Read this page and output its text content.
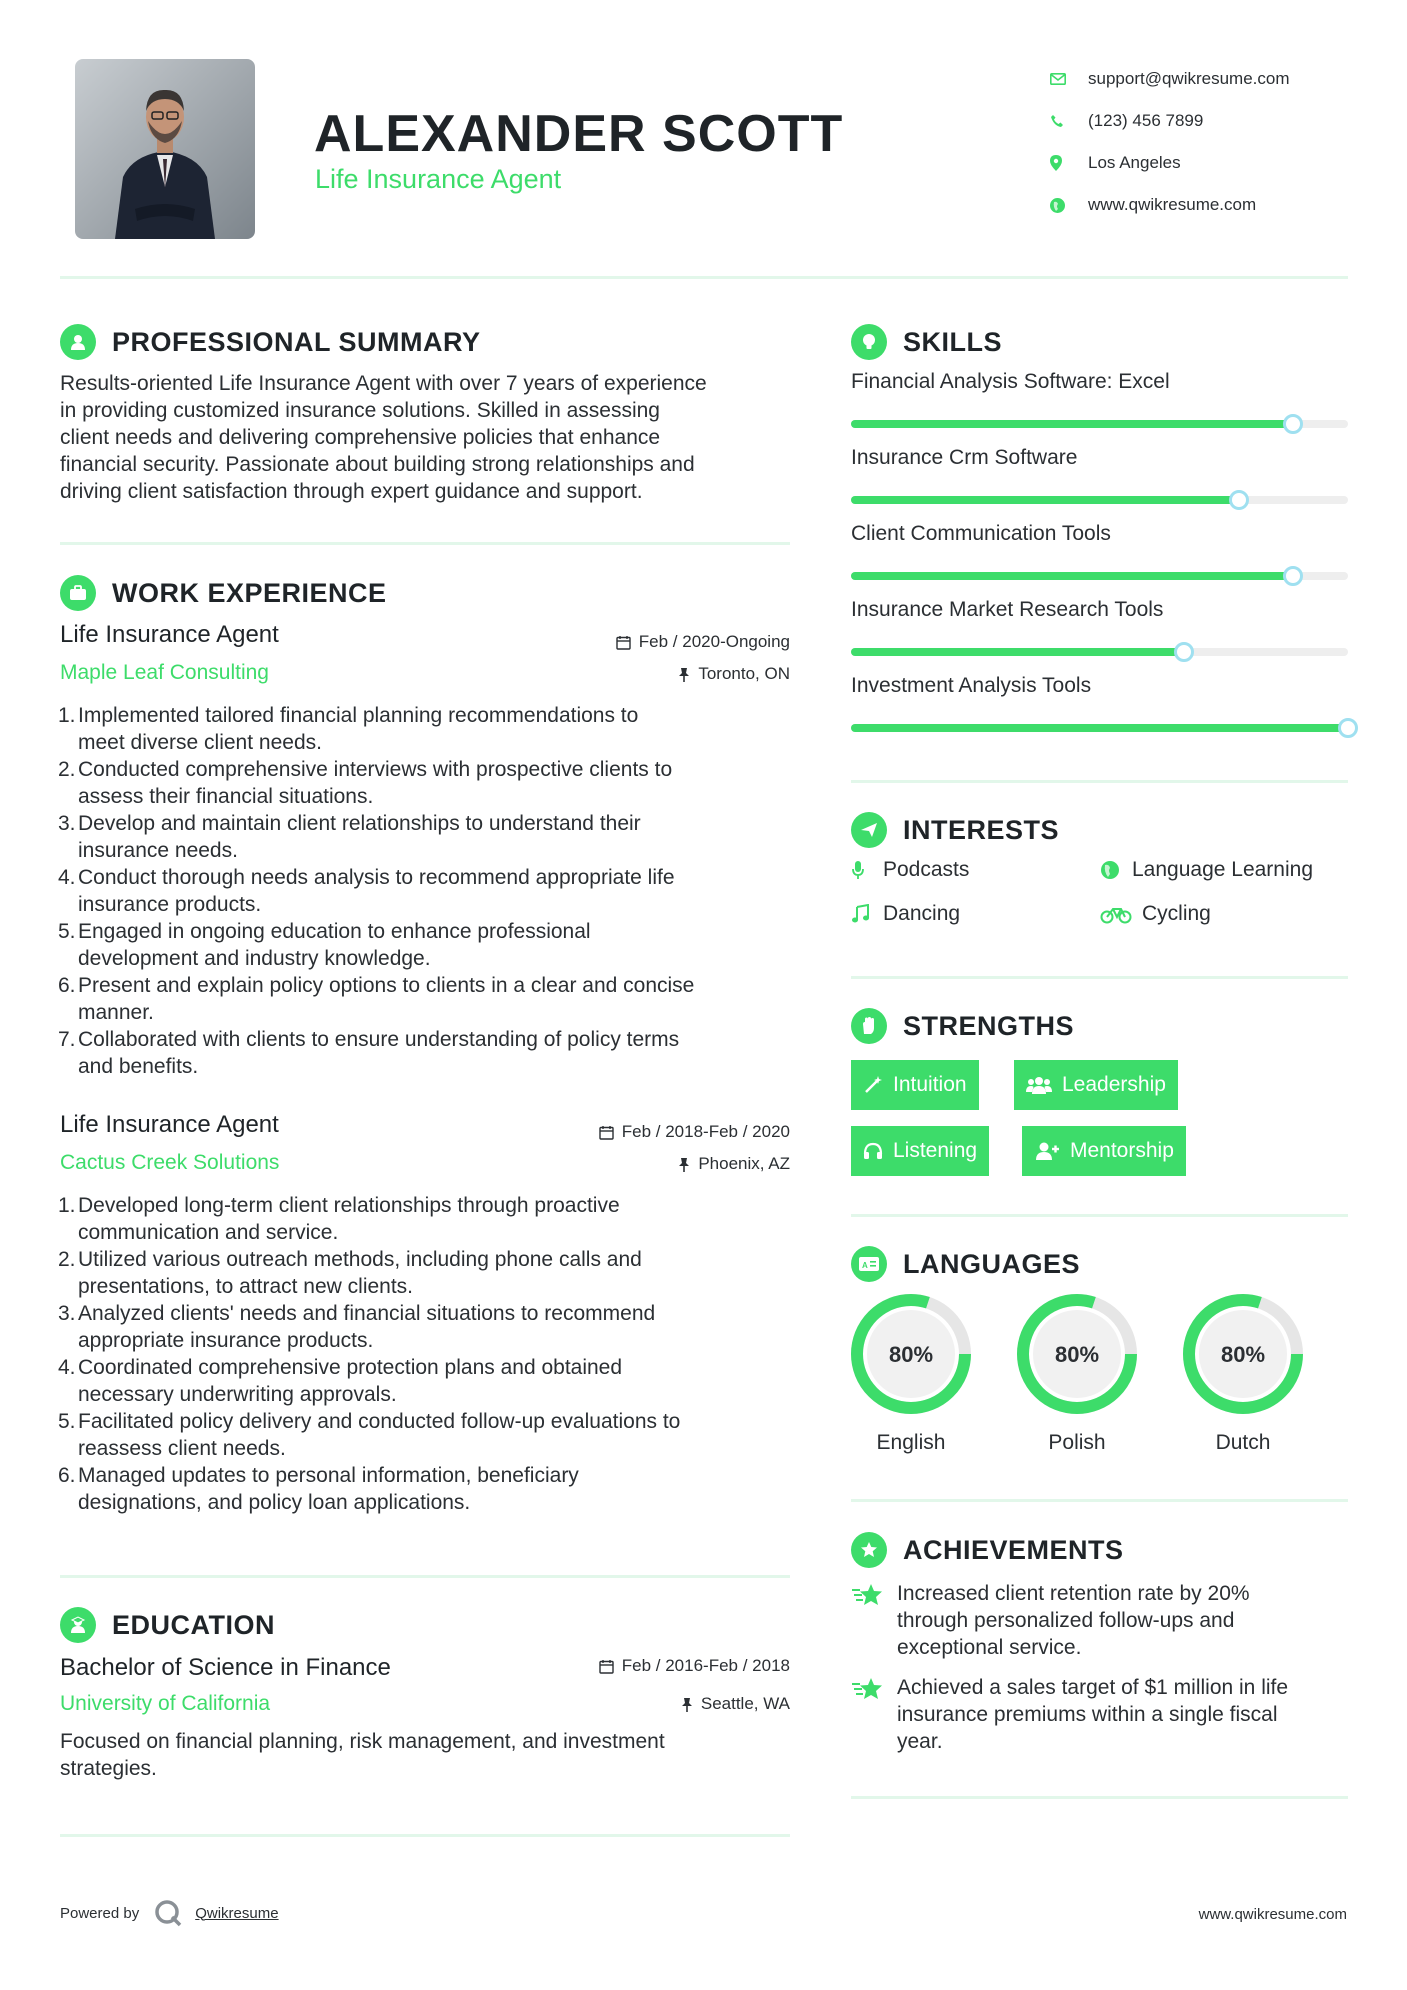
ALEXANDER SCOTT
Life Insurance Agent
support@qwikresume.com
(123) 456 7899
Los Angeles
www.qwikresume.com
PROFESSIONAL SUMMARY
Results-oriented Life Insurance Agent with over 7 years of experience
in providing customized insurance solutions. Skilled in assessing
client needs and delivering comprehensive policies that enhance
financial security. Passionate about building strong relationships and
driving client satisfaction through expert guidance and support.
WORK EXPERIENCE
Life Insurance Agent	Feb / 2020-Ongoing
Maple Leaf Consulting	Toronto, ON
1. Implemented tailored financial planning recommendations to
meet diverse client needs.
2. Conducted comprehensive interviews with prospective clients to
assess their financial situations.
3. Develop and maintain client relationships to understand their
insurance needs.
4. Conduct thorough needs analysis to recommend appropriate life
insurance products.
5. Engaged in ongoing education to enhance professional
development and industry knowledge.
6. Present and explain policy options to clients in a clear and concise
manner.
7. Collaborated with clients to ensure understanding of policy terms
and benefits.
Life Insurance Agent	Feb / 2018-Feb / 2020
Cactus Creek Solutions	Phoenix, AZ
1. Developed long-term client relationships through proactive
communication and service.
2. Utilized various outreach methods, including phone calls and
presentations, to attract new clients.
3. Analyzed clients' needs and financial situations to recommend
appropriate insurance products.
4. Coordinated comprehensive protection plans and obtained
necessary underwriting approvals.
5. Facilitated policy delivery and conducted follow-up evaluations to
reassess client needs.
6. Managed updates to personal information, beneficiary
designations, and policy loan applications.
EDUCATION
Bachelor of Science in Finance	Feb / 2016-Feb / 2018
University of California	Seattle, WA
Focused on financial planning, risk management, and investment
strategies.
SKILLS
Financial Analysis Software: Excel
Insurance Crm Software
Client Communication Tools
Insurance Market Research Tools
Investment Analysis Tools
INTERESTS
Podcasts	Language Learning
Dancing	Cycling
STRENGTHS
Intuition	Leadership
Listening	Mentorship
A LANGUAGES
80%
English
80%
Polish
80%
Dutch
ACHIEVEMENTS
Increased client retention rate by 20%
through personalized follow-ups and
exceptional service.
Achieved a sales target of $1 million in life
insurance premiums within a single fiscal
year.
Powered by	Qwikresume	www.qwikresume.com
